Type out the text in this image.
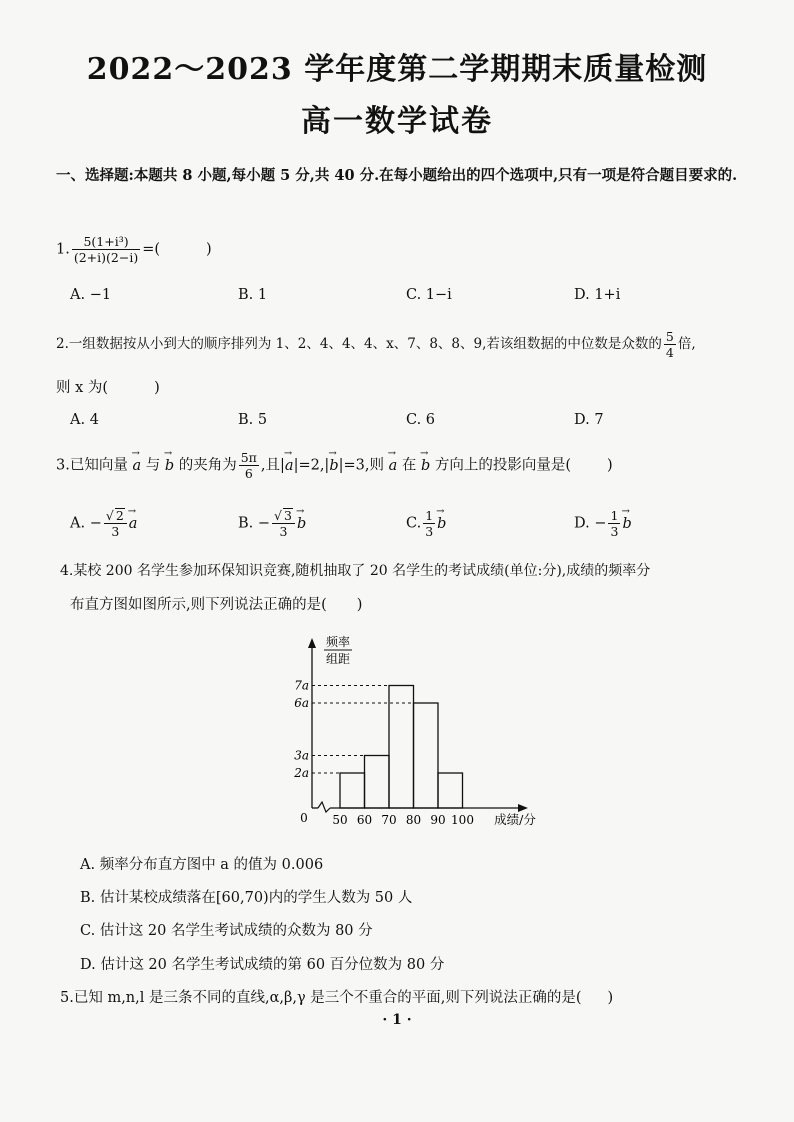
2022～2023 学年度第二学期期末质量检测
高一数学试卷
一、选择题:本题共 8 小题,每小题 5 分,共 40 分.在每小题给出的四个选项中,只有一项是符合题目要求的.
1. $\frac{\text{5(1+i³)}}{(2+i)(2-i)}$ =(	)
A. −1	B. 1	C. 1−i	D. 1+i
2.一组数据按从小到大的顺序排列为 1、2、4、4、4、x、7、8、8、9,若该组数据的中位数是众数的 $\frac{5}{4}$ 倍,
则 x 为(	)
A. 4	B. 5	C. 6	D. 7
3.已知向量 a → 与 b → 的夹角为 $\frac{5\pi}{6}$ ,且|a →|=2,|b →|=3,则 a → 在 b → 方向上的投影向量是( )
A. − $\frac{√ 2}{3}$ a →	B. − $\frac{√ 3}{3}$ b →	C. $\frac{1}{3}$ b →	D. − $\frac{1}{3}$ b →
4.某校 200 名学生参加环保知识竞赛,随机抽取了 20 名学生的考试成绩(单位:分),成绩的频率分
布直方图如图所示,则下列说法正确的是( )
频率
组距
0
2a
3a
6a
7a
50 60 70 80 90 100 成绩/分
A. 频率分布直方图中 a 的值为 0.006
B. 估计某校成绩落在[60,70)内的学生人数为 50 人
C. 估计这 20 名学生考试成绩的众数为 80 分
D. 估计这 20 名学生考试成绩的第 60 百分位数为 80 分
5.已知 m,n,l 是三条不同的直线,α,β,γ 是三个不重合的平面,则下列说法正确的是( )
· 1 ·
